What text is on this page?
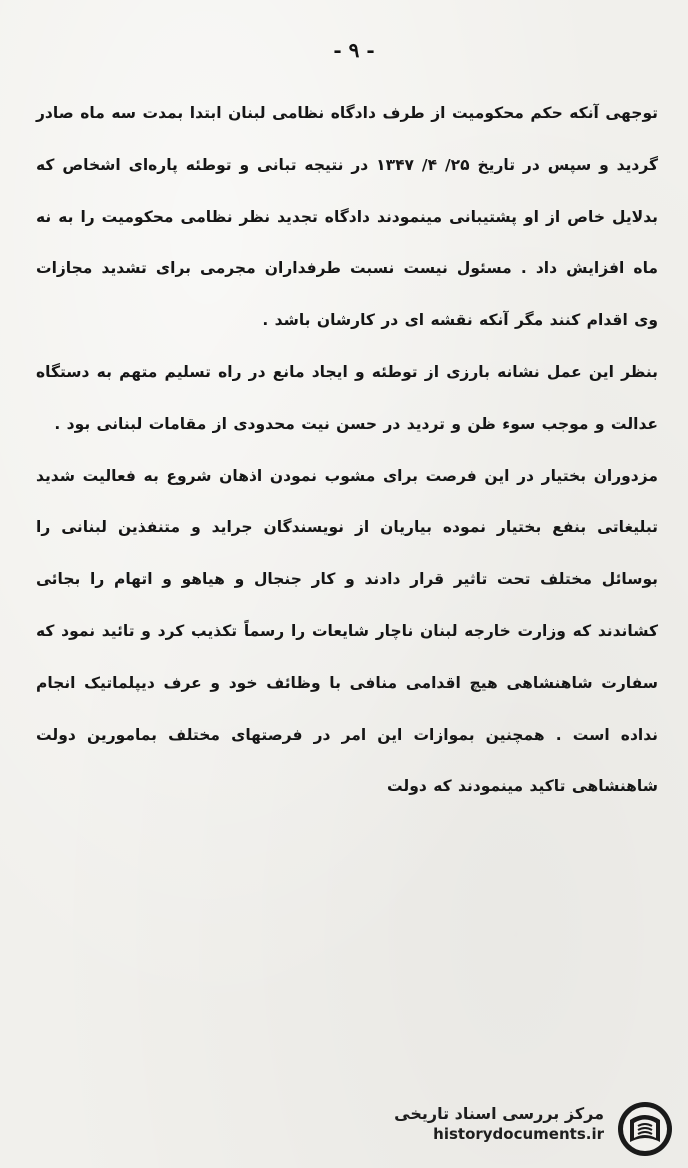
- ۹ -

توجهی آنکه حکم محکومیت از طرف دادگاه نظامی لبنان ابتدا بمدت سه ماه صادر گردید و سپس در تاریخ ۲۵/ ۴/ ۱۳۴۷ در نتیجه تبانی و توطئه پاره‌ای اشخاص که بدلایل خاص از او پشتیبانی مینمودند دادگاه تجدید نظر نظامی محکومیت را به نه ماه افزایش داد . مسئول نیست نسبت طرفداران مجرمی برای تشدید مجازات وی اقدام کنند مگر آنکه نقشه ای در کارشان باشد .

بنظر این عمل نشانه بارزی از توطئه و ایجاد مانع در راه تسلیم متهم به دستگاه عدالت و موجب سوء ظن و تردید در حسن نیت محدودی از مقامات لبنانی بود .

مزدوران بختیار در این فرصت برای مشوب نمودن اذهان شروع به فعالیت شدید تبلیغاتی بنفع بختیار نموده بیاریان از نویسندگان جراید و متنفذین لبنانی را بوسائل مختلف تحت تاثیر قرار دادند و کار جنجال و هیاهو و اتهام را بجائی کشاندند که وزارت خارجه لبنان ناچار شایعات را رسماً تکذیب کرد و تائید نمود که سفارت شاهنشاهی هیچ اقدامی منافی با وظائف خود و عرف دیپلماتیک انجام نداده است . همچنین بموازات این امر در فرصتهای مختلف بمامورین دولت شاهنشاهی تاکید مینمودند که دولت

مرکز بررسی اسناد تاریخی
historydocuments.ir
